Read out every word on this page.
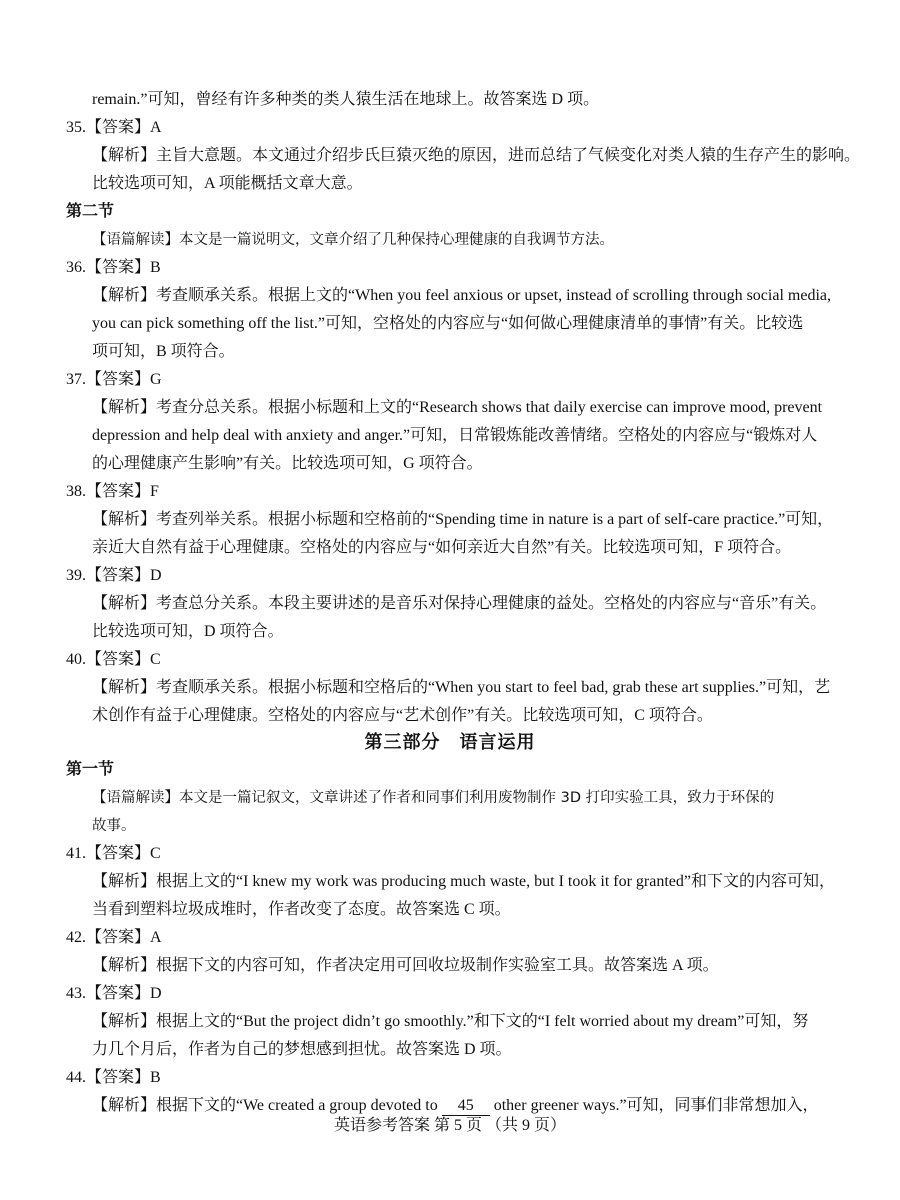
remain.”可知，曾经有许多种类的类人猿生活在地球上。故答案选 D 项。
35.【答案】A
【解析】主旨大意题。本文通过介绍步氏巨猿灭绝的原因，进而总结了气候变化对类人猿的生存产生的影响。
比较选项可知，A 项能概括文章大意。
第二节
【语篇解读】本文是一篇说明文，文章介绍了几种保持心理健康的自我调节方法。
36.【答案】B
【解析】考查顺承关系。根据上文的“When you feel anxious or upset, instead of scrolling through social media,
you can pick something off the list.”可知，空格处的内容应与“如何做心理健康清单的事情”有关。比较选
项可知，B 项符合。
37.【答案】G
【解析】考查分总关系。根据小标题和上文的“Research shows that daily exercise can improve mood, prevent
depression and help deal with anxiety and anger.”可知，日常锻炼能改善情绪。空格处的内容应与“锻炼对人
的心理健康产生影响”有关。比较选项可知，G 项符合。
38.【答案】F
【解析】考查列举关系。根据小标题和空格前的“Spending time in nature is a part of self-care practice.”可知，
亲近大自然有益于心理健康。空格处的内容应与“如何亲近大自然”有关。比较选项可知，F 项符合。
39.【答案】D
【解析】考查总分关系。本段主要讲述的是音乐对保持心理健康的益处。空格处的内容应与“音乐”有关。
比较选项可知，D 项符合。
40.【答案】C
【解析】考查顺承关系。根据小标题和空格后的“When you start to feel bad, grab these art supplies.”可知，艺
术创作有益于心理健康。空格处的内容应与“艺术创作”有关。比较选项可知，C 项符合。
第三部分　语言运用
第一节
【语篇解读】本文是一篇记叙文，文章讲述了作者和同事们利用废物制作 3D 打印实验工具，致力于环保的
故事。
41.【答案】C
【解析】根据上文的“I knew my work was producing much waste, but I took it for granted”和下文的内容可知，
当看到塑料垃圾成堆时，作者改变了态度。故答案选 C 项。
42.【答案】A
【解析】根据下文的内容可知，作者决定用可回收垃圾制作实验室工具。故答案选 A 项。
43.【答案】D
【解析】根据上文的“But the project didn’t go smoothly.”和下文的“I felt worried about my dream”可知，努
力几个月后，作者为自己的梦想感到担忧。故答案选 D 项。
44.【答案】B
【解析】根据下文的“We created a group devoted to 45 other greener ways.”可知，同事们非常想加入，
英语参考答案 第 5 页 （共 9 页）
